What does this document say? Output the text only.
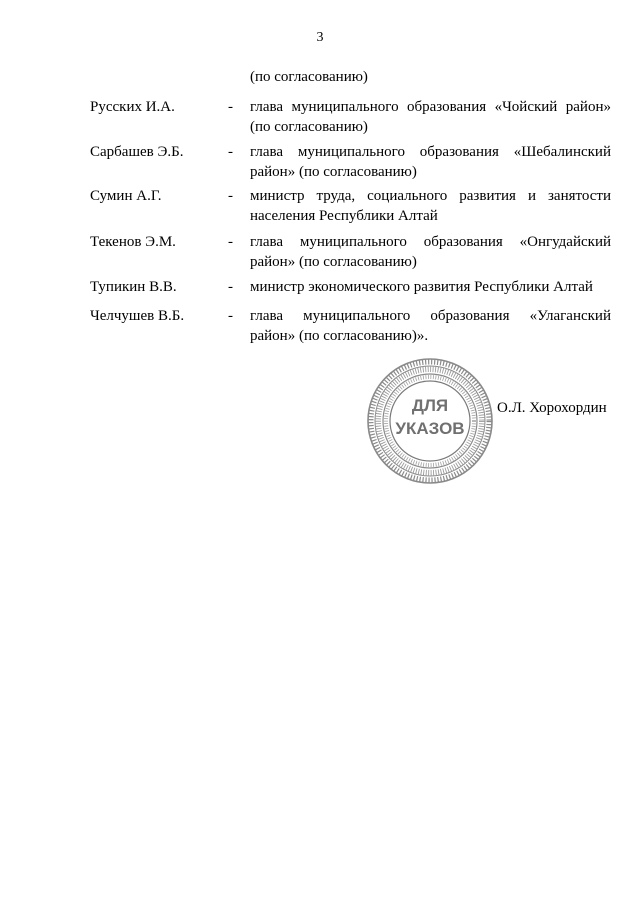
3
(по согласованию)
Русских И.А.	-	глава муниципального образования «Чойский район»
(по согласованию)
Сарбашев Э.Б.	-	глава муниципального образования «Шебалинский
район» (по согласованию)
Сумин А.Г.	-	министр труда, социального развития и занятости
населения Республики Алтай
Текенов Э.М.	-	глава муниципального образования «Онгудайский
район» (по согласованию)
Тупикин В.В.	-	министр экономического развития Республики Алтай
Челчушев В.Б.	-	глава муниципального образования «Улаганский
район» (по согласованию)».
ДЛЯ
УКАЗОВ
О.Л. Хорохордин
